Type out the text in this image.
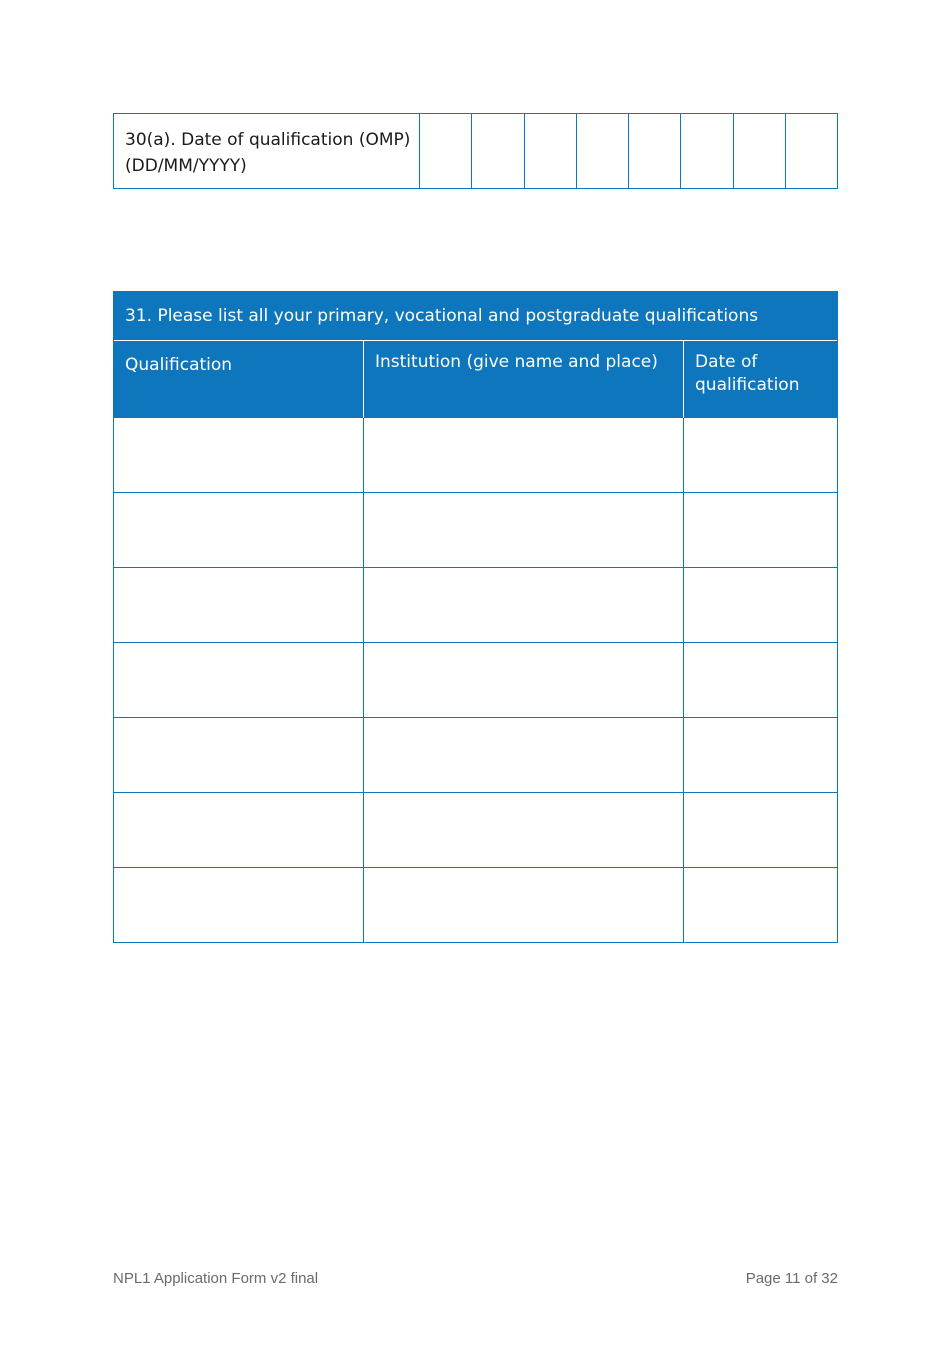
30(a). Date of qualification (OMP)
(DD/MM/YYYY)
31. Please list all your primary, vocational and postgraduate qualifications
Qualification	Institution (give name and place)	Date of
qualification
NPL1 Application Form v2 final	Page 11 of 32
